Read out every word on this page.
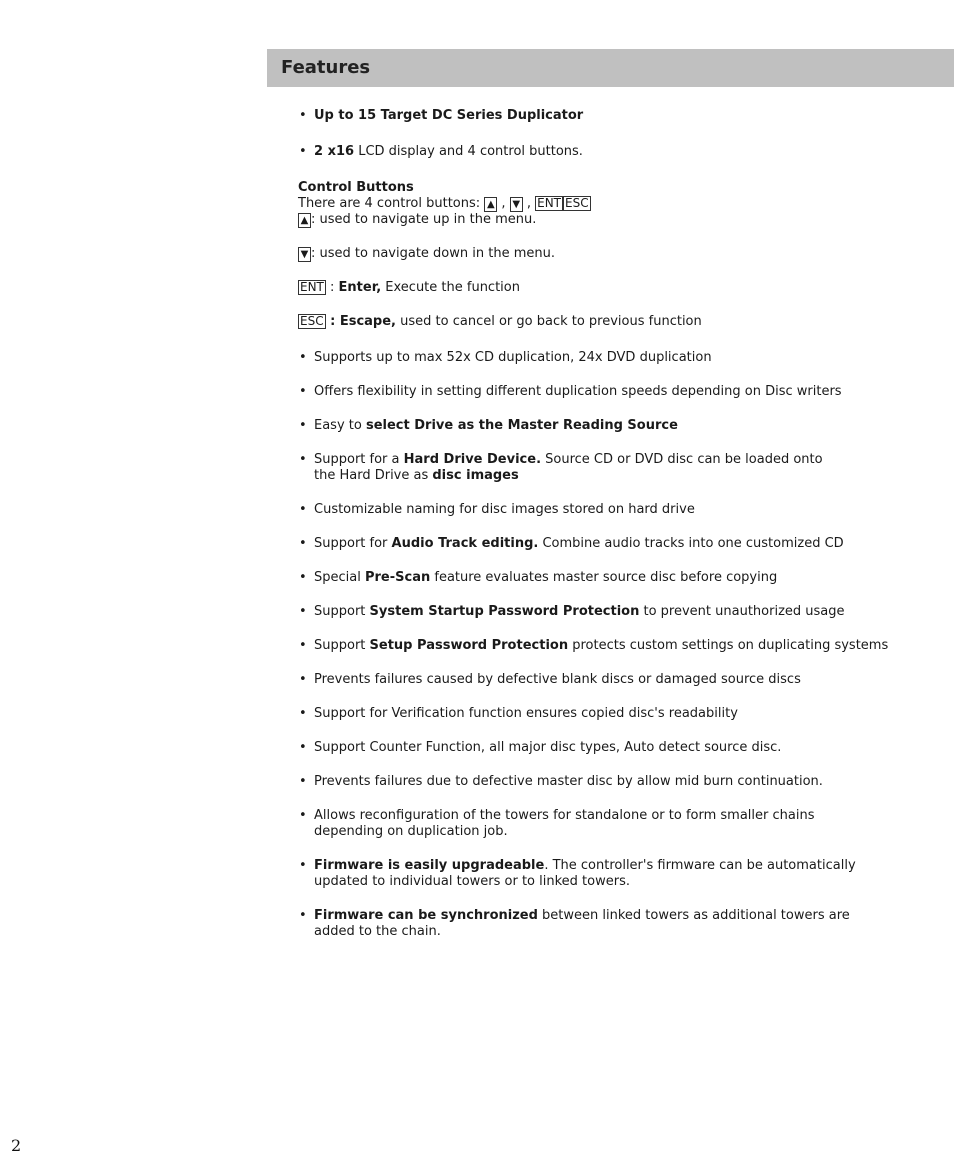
Features
• Up to 15 Target DC Series Duplicator
• 2 x16 LCD display and 4 control buttons.
Control Buttons
There are 4 control buttons: ▲ , ▼ , ENT ESC
▲ : used to navigate up in the menu.
▼ : used to navigate down in the menu.
ENT : Enter, Execute the function
ESC : Escape, used to cancel or go back to previous function
• Supports up to max 52x CD duplication, 24x DVD duplication
• Offers flexibility in setting different duplication speeds depending on Disc writers
• Easy to select Drive as the Master Reading Source
• Support for a Hard Drive Device. Source CD or DVD disc can be loaded onto
the Hard Drive as disc images
• Customizable naming for disc images stored on hard drive
• Support for Audio Track editing. Combine audio tracks into one customized CD
• Special Pre-Scan feature evaluates master source disc before copying
• Support System Startup Password Protection to prevent unauthorized usage
• Support Setup Password Protection protects custom settings on duplicating systems
• Prevents failures caused by defective blank discs or damaged source discs
• Support for Verification function ensures copied disc's readability
• Support Counter Function, all major disc types, Auto detect source disc.
• Prevents failures due to defective master disc by allow mid burn continuation.
• Allows reconfiguration of the towers for standalone or to form smaller chains
depending on duplication job.
• Firmware is easily upgradeable. The controller's firmware can be automatically
updated to individual towers or to linked towers.
• Firmware can be synchronized between linked towers as additional towers are
added to the chain.
2
